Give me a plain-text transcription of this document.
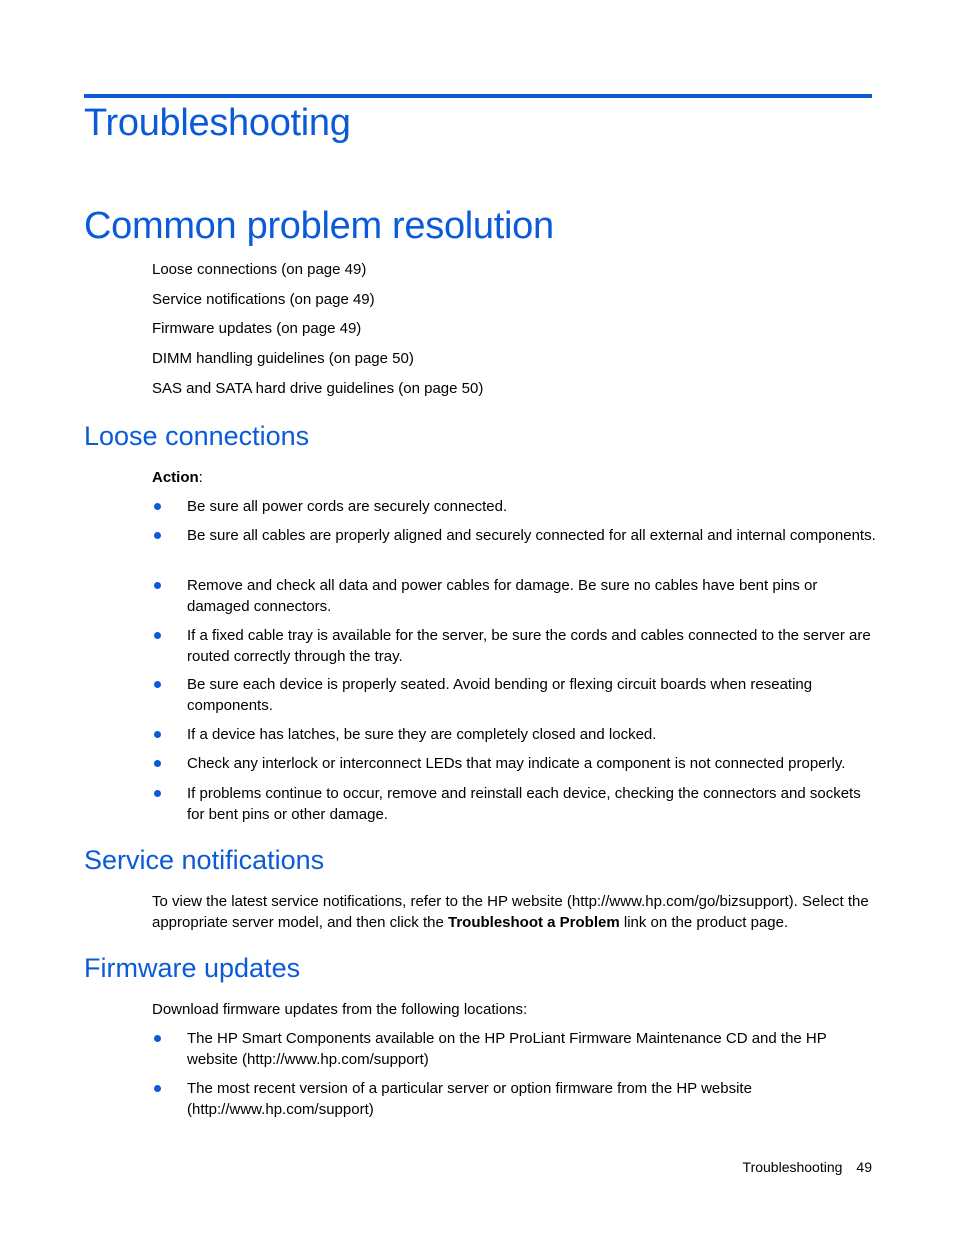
Troubleshooting
Common problem resolution
Loose connections (on page 49)
Service notifications (on page 49)
Firmware updates (on page 49)
DIMM handling guidelines (on page 50)
SAS and SATA hard drive guidelines (on page 50)
Loose connections

Action:

Be sure all power cords are securely connected.
Be sure all cables are properly aligned and securely connected for all external and internal components.
Remove and check all data and power cables for damage. Be sure no cables have bent pins or damaged connectors.
If a fixed cable tray is available for the server, be sure the cords and cables connected to the server are routed correctly through the tray.
Be sure each device is properly seated. Avoid bending or flexing circuit boards when reseating components.
If a device has latches, be sure they are completely closed and locked.
Check any interlock or interconnect LEDs that may indicate a component is not connected properly.
If problems continue to occur, remove and reinstall each device, checking the connectors and sockets for bent pins or other damage.
Service notifications

To view the latest service notifications, refer to the HP website (http://www.hp.com/go/bizsupport). Select the appropriate server model, and then click the Troubleshoot a Problem link on the product page.

Firmware updates

Download firmware updates from the following locations:

The HP Smart Components available on the HP ProLiant Firmware Maintenance CD and the HP website (http://www.hp.com/support)
The most recent version of a particular server or option firmware from the HP website (http://www.hp.com/support)
Troubleshooting 49
